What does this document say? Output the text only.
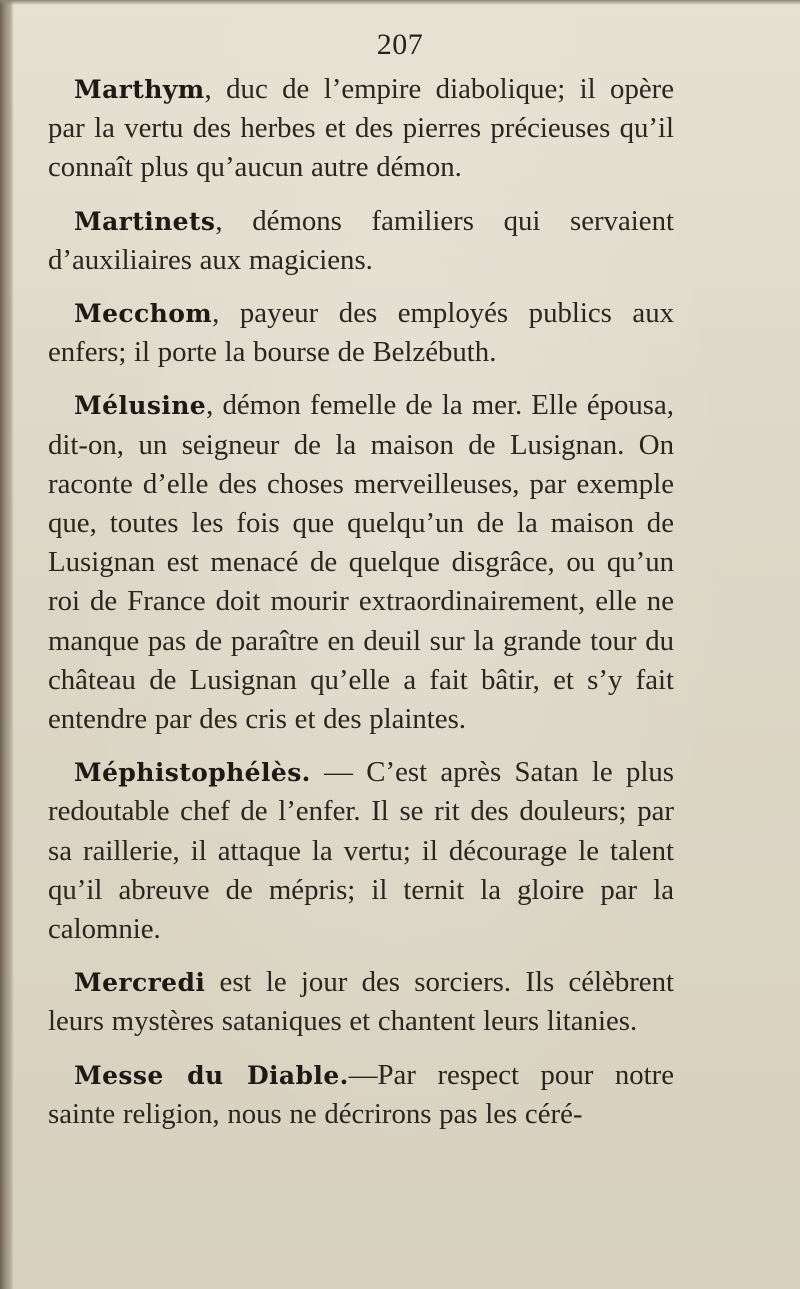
207

Marthym, duc de l’empire diabolique; il opère par la vertu des herbes et des pierres précieuses qu’il connaît plus qu’aucun autre démon.

Martinets, démons familiers qui servaient d’auxiliaires aux magiciens.

Mecchom, payeur des employés publics aux enfers; il porte la bourse de Belzébuth.

Mélusine, démon femelle de la mer. Elle épousa, dit-on, un seigneur de la maison de Lusignan. On raconte d’elle des choses merveilleuses, par exemple que, toutes les fois que quelqu’un de la maison de Lusignan est menacé de quelque disgrâce, ou qu’un roi de France doit mourir extraordinairement, elle ne manque pas de paraître en deuil sur la grande tour du château de Lusignan qu’elle a fait bâtir, et s’y fait entendre par des cris et des plaintes.

Méphistophélès. — C’est après Satan le plus redoutable chef de l’enfer. Il se rit des douleurs; par sa raillerie, il attaque la vertu; il décourage le talent qu’il abreuve de mépris; il ternit la gloire par la calomnie.

Mercredi est le jour des sorciers. Ils célèbrent leurs mystères sataniques et chantent leurs litanies.

Messe du Diable.—Par respect pour notre sainte religion, nous ne décrirons pas les céré-
